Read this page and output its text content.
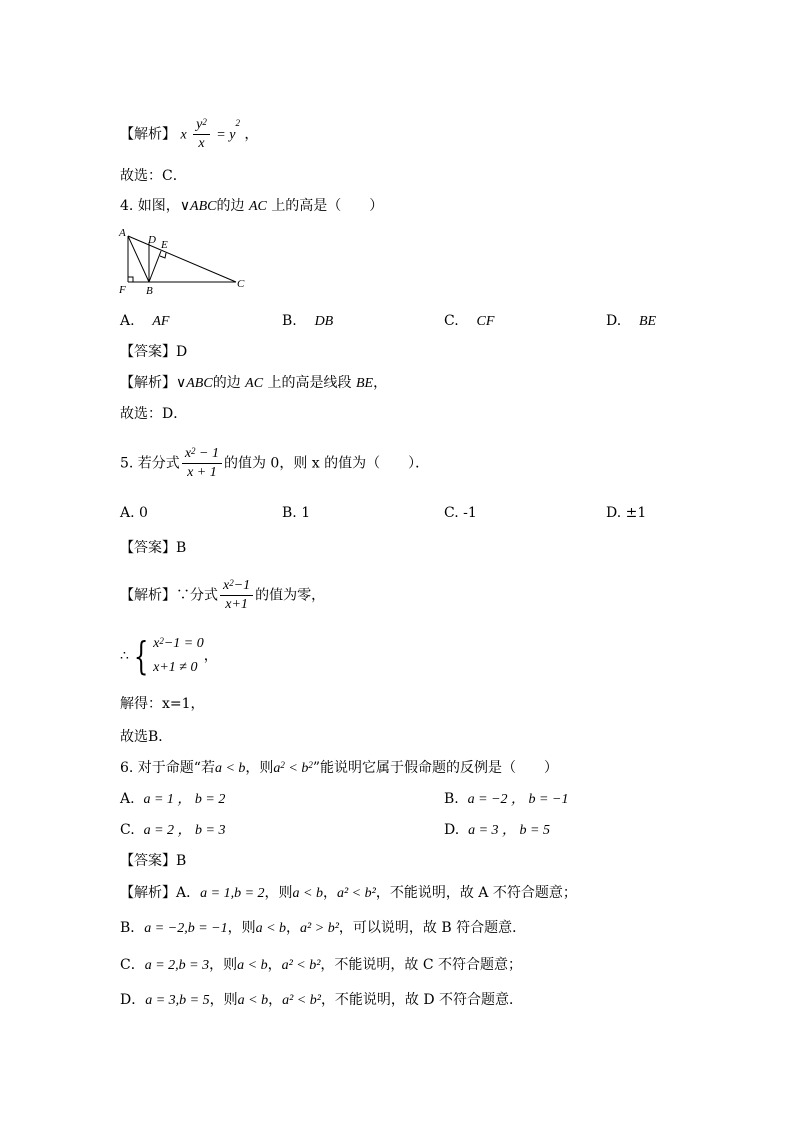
【解析】 x $\frac{y^2}{x} = y^2$ ，
故选：C．
4. 如图，∨ABC的边 AC 上的高是（　　）
A
D E
F B
C
A. AF	B. DB	C. CF	D. BE
【答案】D
【解析】∨ABC的边 AC 上的高是线段 BE，
故选：D．
5. 若分式 $\frac{x^2 - 1}{x + 1}$ 的值为 0，则 x 的值为（　　）．
A. 0	B. 1	C. -1	D. ±1
【答案】B
【解析】∵分式 $\frac{x^2-1}{x+1}$ 的值为零，
∴ { $x^2-1 = 0$
x+1 ≠ 0
，
解得：x=1，
故选B．
6. 对于命题“若a < b，则$a^2 < b^2$”能说明它属于假命题的反例是（　　）
A. a = 1 ， b = 2	B. a = −2 ， b = −1
C. a = 2 ， b = 3	D. a = 3 ， b = 5
【答案】B
【解析】A．a = 1,b = 2，则a < b，a² < b²，不能说明，故 A 不符合题意；
B．a = −2,b = −1，则a < b，a² > b²，可以说明，故 B 符合题意．
C．a = 2,b = 3，则a < b，a² < b²，不能说明，故 C 不符合题意；
D．a = 3,b = 5，则a < b，a² < b²，不能说明，故 D 不符合题意．
